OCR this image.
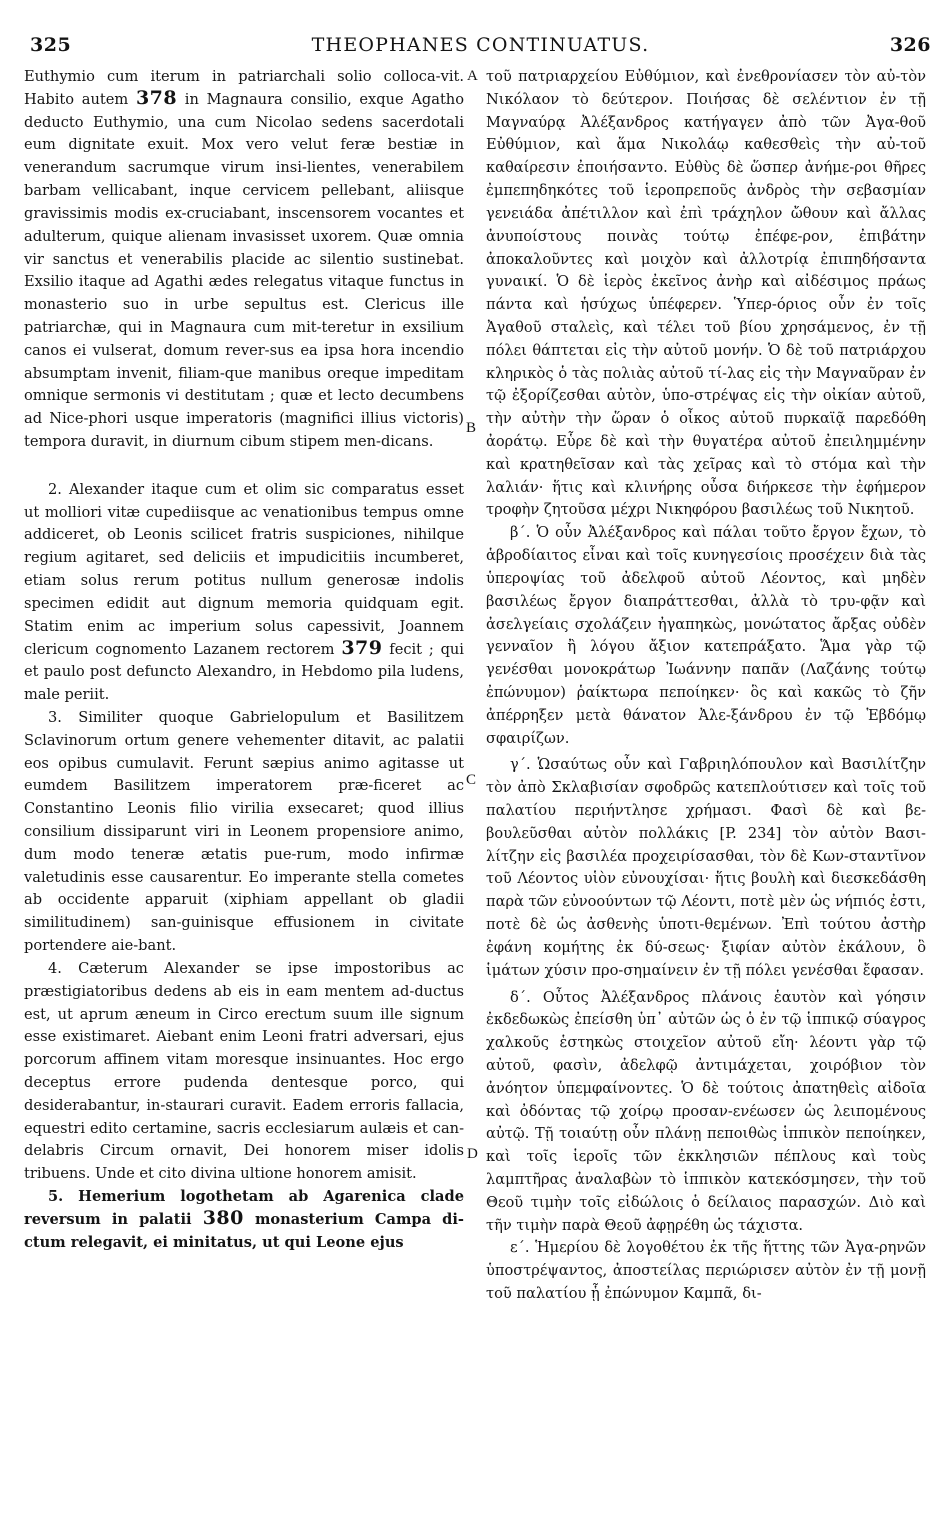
325	THEOPHANES CONTINUATUS.	326
A
B
C
D

Euthymio cum iterum in patriarchali solio colloca-vit. Habito autem 378 in Magnaura consilio, exque Agatho deducto Euthymio, una cum Nicolao sedens sacerdotali eum dignitate exuit. Mox vero velut feræ bestiæ in venerandum sacrumque virum insi-lientes, venerabilem barbam vellicabant, inque cervicem pellebant, aliisque gravissimis modis ex-cruciabant, inscensorem vocantes et adulterum, quique alienam invasisset uxorem. Quæ omnia vir sanctus et venerabilis placide ac silentio sustinebat. Exsilio itaque ad Agathi ædes relegatus vitaque functus in monasterio suo in urbe sepultus est. Clericus ille patriarchæ, qui in Magnaura cum mit-teretur in exsilium canos ei vulserat, domum rever-sus ea ipsa hora incendio absumptam invenit, filiam-que manibus oreque impeditam omnique sermonis vi destitutam ; quæ et lecto decumbens ad Nice-phori usque imperatoris (magnifici illius victoris) tempora duravit, in diurnum cibum stipem men-dicans.

2. Alexander itaque cum et olim sic comparatus esset ut molliori vitæ cupediisque ac venationibus tempus omne addiceret, ob Leonis scilicet fratris suspiciones, nihilque regium agitaret, sed deliciis et impudicitiis incumberet, etiam solus rerum potitus nullum generosæ indolis specimen edidit aut dignum memoria quidquam egit. Statim enim ac imperium solus capessivit, Joannem clericum cognomento Lazanem rectorem 379 fecit ; qui et paulo post defuncto Alexandro, in Hebdomo pila ludens, male periit.

3. Similiter quoque Gabrielopulum et Basilitzem Sclavinorum ortum genere vehementer ditavit, ac palatii eos opibus cumulavit. Ferunt sæpius animo agitasse ut eumdem Basilitzem imperatorem præ-ficeret ac Constantino Leonis filio virilia exsecaret; quod illius consilium dissiparunt viri in Leonem propensiore animo, dum modo teneræ ætatis pue-rum, modo infirmæ valetudinis esse causarentur. Eo imperante stella cometes ab occidente apparuit (xiphiam appellant ob gladii similitudinem) san-guinisque effusionem in civitate portendere aie-bant.

4. Cæterum Alexander se ipse impostoribus ac præstigiatoribus dedens ab eis in eam mentem ad-ductus est, ut aprum æneum in Circo erectum suum ille signum esse existimaret. Aiebant enim Leoni fratri adversari, ejus porcorum affinem vitam moresque insinuantes. Hoc ergo deceptus errore pudenda dentesque porco, qui desiderabantur, in-staurari curavit. Eadem erroris fallacia, equestri edito certamine, sacris ecclesiarum aulæis et can-delabris Circum ornavit, Dei honorem miser idolis tribuens. Unde et cito divina ultione honorem amisit.

5. Hemerium logothetam ab Agarenica clade reversum in palatii 380 monasterium Campa di-ctum relegavit, ei minitatus, ut qui Leone ejus

τοῦ πατριαρχείου Εὐθύμιον, καὶ ἐνεθρονίασεν τὸν αὐ-τὸν Νικόλαον τὸ δεύτερον. Ποιήσας δὲ σελέντιον ἐν τῇ Μαγναύρᾳ Ἀλέξανδρος κατήγαγεν ἀπὸ τῶν Ἀγα-θοῦ Εὐθύμιον, καὶ ἅμα Νικολάῳ καθεσθεὶς τὴν αὐ-τοῦ καθαίρεσιν ἐποιήσαντο. Εὐθὺς δὲ ὥσπερ ἀνήμε-ροι θῆρες ἐμπεπηδηκότες τοῦ ἱεροπρεποῦς ἀνδρὸς τὴν σεβασμίαν γενειάδα ἀπέτιλλον καὶ ἐπὶ τράχηλον ὤθουν καὶ ἄλλας ἀνυποίστους ποινὰς τούτῳ ἐπέφε-ρον, ἐπιβάτην ἀποκαλοῦντες καὶ μοιχὸν καὶ ἀλλοτρίᾳ ἐπιπηδήσαντα γυναικί. Ὁ δὲ ἱερὸς ἐκεῖνος ἀνὴρ καὶ αἰδέσιμος πράως πάντα καὶ ἡσύχως ὑπέφερεν. Ὑπερ-όριος οὖν ἐν τοῖς Ἀγαθοῦ σταλεὶς, καὶ τέλει τοῦ βίου χρησάμενος, ἐν τῇ πόλει θάπτεται εἰς τὴν αὐτοῦ μονήν. Ὁ δὲ τοῦ πατριάρχου κληρικὸς ὁ τὰς πολιὰς αὐτοῦ τί-λας εἰς τὴν Μαγναῦραν ἐν τῷ ἐξορίζεσθαι αὐτὸν, ὑπο-στρέψας εἰς τὴν οἰκίαν αὐτοῦ, τὴν αὐτὴν τὴν ὥραν ὁ οἶκος αὐτοῦ πυρκαϊᾷ παρεδόθη ἀοράτῳ. Εὗρε δὲ καὶ τὴν θυγατέρα αὐτοῦ ἐπειλημμένην καὶ κρατηθεῖσαν καὶ τὰς χεῖρας καὶ τὸ στόμα καὶ τὴν λαλιάν· ἥτις καὶ κλινήρης οὖσα διήρκεσε τὴν ἐφήμερον τροφὴν ζητοῦσα μέχρι Νικηφόρου βασιλέως τοῦ Νικητοῦ.

β΄. Ὁ οὖν Ἀλέξανδρος καὶ πάλαι τοῦτο ἔργον ἔχων, τὸ ἁβροδίαιτος εἶναι καὶ τοῖς κυνηγεσίοις προσέχειν διὰ τὰς ὑπεροψίας τοῦ ἀδελφοῦ αὐτοῦ Λέοντος, καὶ μηδὲν βασιλέως ἔργον διαπράττεσθαι, ἀλλὰ τὸ τρυ-φᾷν καὶ ἀσελγείαις σχολάζειν ἠγαπηκὼς, μονώτατος ἄρξας οὐδὲν γενναῖον ἢ λόγου ἄξιον κατεπράξατο. Ἅμα γὰρ τῷ γενέσθαι μονοκράτωρ Ἰωάννην παπᾶν (Λαζάνης τούτῳ ἐπώνυμον) ῥαίκτωρα πεποίηκεν· ὃς καὶ κακῶς τὸ ζῆν ἀπέρρηξεν μετὰ θάνατον Ἀλε-ξάνδρου ἐν τῷ Ἑβδόμῳ σφαιρίζων.

γ΄. Ὡσαύτως οὖν καὶ Γαβριηλόπουλον καὶ Βασιλίτζην τὸν ἀπὸ Σκλαβισίαν σφοδρῶς κατεπλούτισεν καὶ τοῖς τοῦ παλατίου περιήντλησε χρήμασι. Φασὶ δὲ καὶ βε-βουλεῦσθαι αὐτὸν πολλάκις [P. 234] τὸν αὐτὸν Βασι-λίτζην εἰς βασιλέα προχειρίσασθαι, τὸν δὲ Κων-σταντῖνον τοῦ Λέοντος υἱὸν εὐνουχίσαι· ἥτις βουλὴ καὶ διεσκεδάσθη παρὰ τῶν εὐνοούντων τῷ Λέοντι, ποτὲ μὲν ὡς νήπιός ἐστι, ποτὲ δὲ ὡς ἀσθενὴς ὑποτι-θεμένων. Ἐπὶ τούτου ἀστὴρ ἐφάνη κομήτης ἐκ δύ-σεως· ξιφίαν αὐτὸν ἐκάλουν, ὃ ἱμάτων χύσιν προ-σημαίνειν ἐν τῇ πόλει γενέσθαι ἔφασαν.

δ΄. Οὗτος Ἀλέξανδρος πλάνοις ἑαυτὸν καὶ γόησιν ἐκδεδωκὼς ἐπείσθη ὑπ᾽ αὐτῶν ὡς ὁ ἐν τῷ ἱππικῷ σύαγρος χαλκοῦς ἑστηκὼς στοιχεῖον αὐτοῦ εἴη· λέοντι γὰρ τῷ αὐτοῦ, φασὶν, ἀδελφῷ ἀντιμάχεται, χοιρόβιον τὸν ἀνόητον ὑπεμφαίνοντες. Ὁ δὲ τούτοις ἀπατηθεὶς αἰδοῖα καὶ ὀδόντας τῷ χοίρῳ προσαν-ενέωσεν ὡς λειπομένους αὐτῷ. Τῇ τοιαύτῃ οὖν πλάνῃ πεποιθὼς ἱππικὸν πεποίηκεν, καὶ τοῖς ἱεροῖς τῶν ἐκκλησιῶν πέπλους καὶ τοὺς λαμπτῆρας ἀναλαβὼν τὸ ἱππικὸν κατεκόσμησεν, τὴν τοῦ Θεοῦ τιμὴν τοῖς εἰδώλοις ὁ δείλαιος παρασχών. Διὸ καὶ τῆν τιμὴν παρὰ Θεοῦ ἀφῃρέθη ὡς τάχιστα.

ε΄. Ἡμερίου δὲ λογοθέτου ἐκ τῆς ἥττης τῶν Ἀγα-ρηνῶν ὑποστρέψαντος, ἀποστείλας περιώρισεν αὐτὸν ἐν τῇ μονῇ τοῦ παλατίου ᾗ ἐπώνυμον Καμπᾶ, δι-
